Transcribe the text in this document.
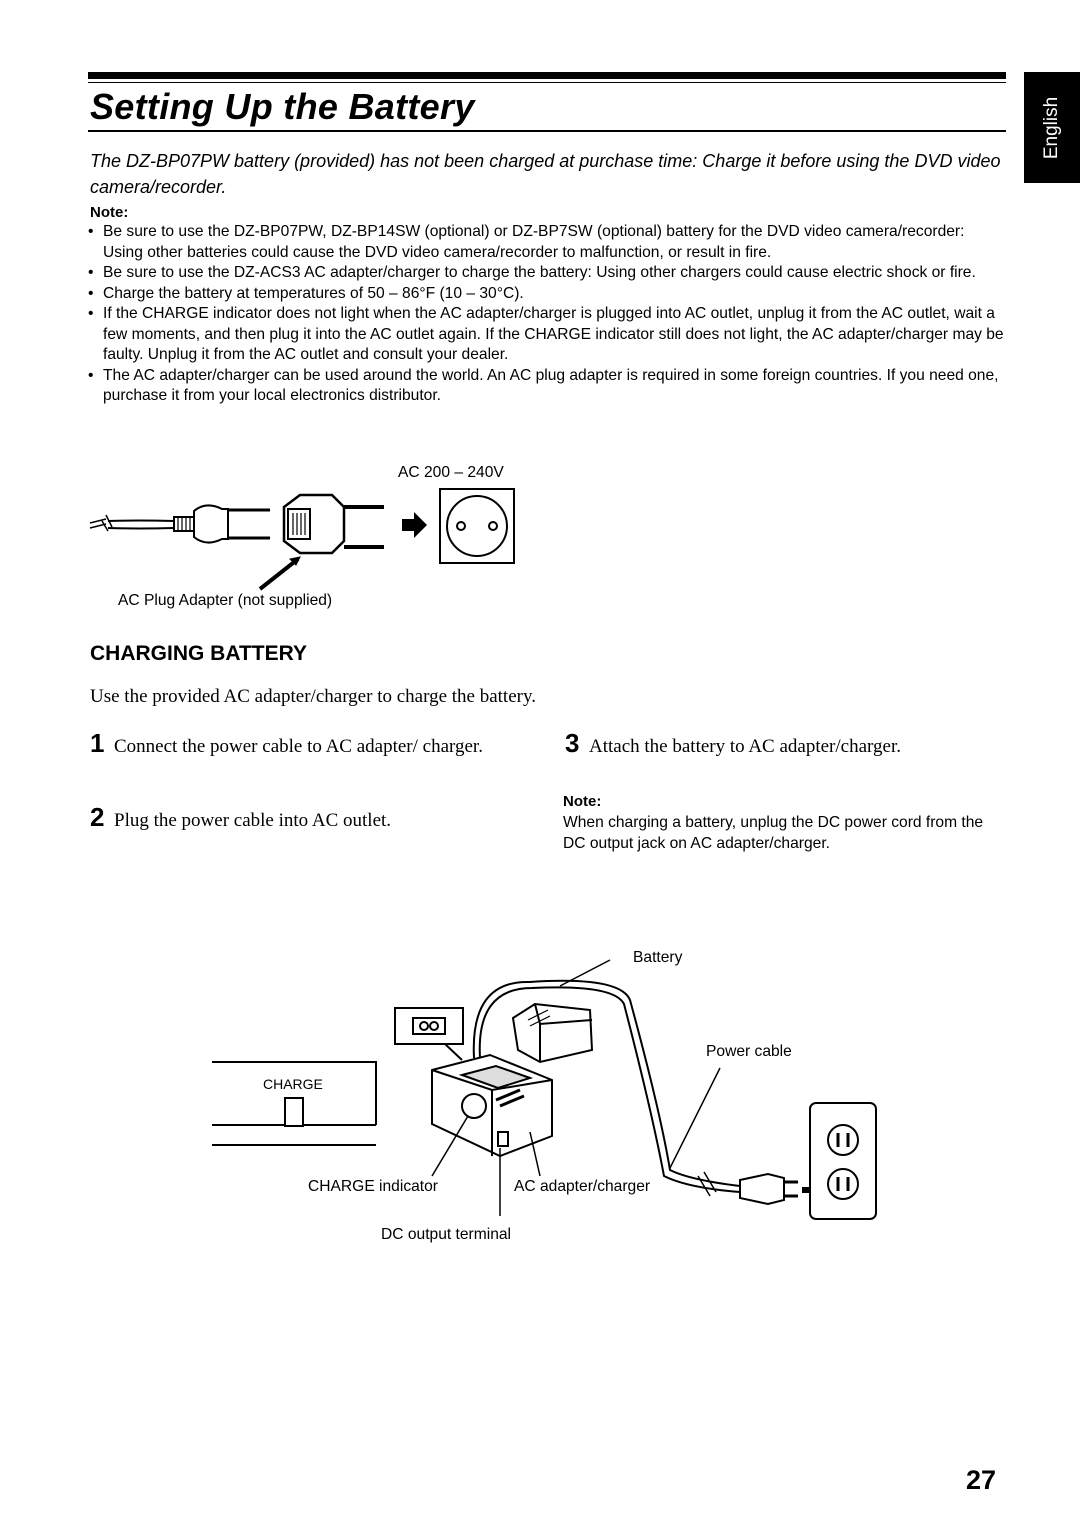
Setting Up the Battery	English
The DZ-BP07PW battery (provided) has not been charged at purchase time: Charge it before using the DVD video camera/recorder.
Note :
• Be sure to use the DZ-BP07PW, DZ-BP14SW (optional) or DZ-BP7SW (optional) battery for the DVD video camera/recorder: Using other batteries could cause the DVD video camera/recorder to malfunction, or result in fire.
• Be sure to use the DZ-ACS3 AC adapter/charger to charge the battery: Using other chargers could cause electric shock or fire.
• Charge the battery at temperatures of 50 – 86°F (10 – 30°C).
• If the CHARGE indicator does not light when the AC adapter/charger is plugged into AC outlet, unplug it from the AC outlet, wait a few moments, and then plug it into the AC outlet again. If the CHARGE indicator still does not light, the AC adapter/charger may be faulty. Unplug it from the AC outlet and consult your dealer.
• The AC adapter/charger can be used around the world. An AC plug adapter is required in some foreign countries. If you need one, purchase it from your local electronics distributor.
AC 200 – 240V
AC Plug Adapter (not supplied)
CHARGING BATTERY
Use the provided AC adapter/charger to charge the battery.
1 Connect the power cable to AC adapter/ charger.
2 Plug the power cable into AC outlet.
3 Attach the battery to AC adapter/charger.
Note :
When charging a battery, unplug the DC power cord from the DC output jack on AC adapter/charger.
Battery
Power cable
CHARGE indicator	AC adapter/charger
DC output terminal
CHARGE
27
